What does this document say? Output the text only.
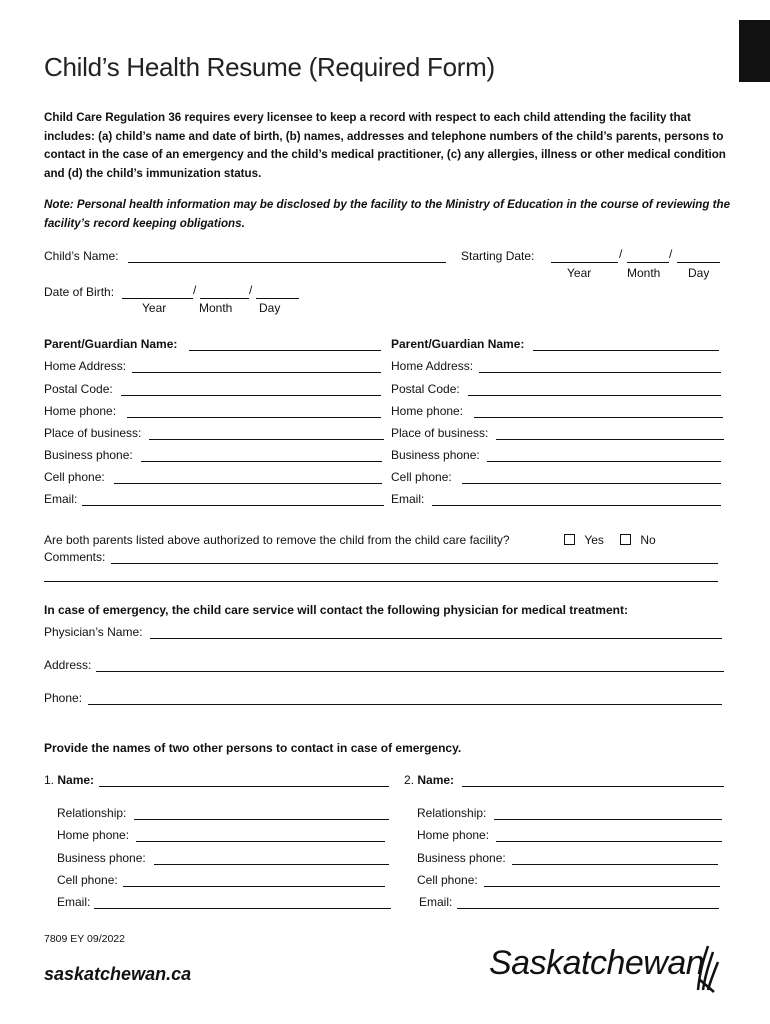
Child’s Health Resume (Required Form)
Child Care Regulation 36 requires every licensee to keep a record with respect to each child attending the facility that includes: (a) child’s name and date of birth, (b) names, addresses and telephone numbers of the child’s parents, persons to contact in the case of an emergency and the child’s medical practitioner, (c) any allergies, illness or other medical condition and (d) the child’s immunization status.
Note: Personal health information may be disclosed by the facility to the Ministry of Education in the course of reviewing the facility’s record keeping obligations.
Child’s Name:	Starting Date:	/	/
Year	Month Day
Date of Birth:	/	/
Year	Month Day
Parent/Guardian Name:	Parent/Guardian Name:
Home Address:	Home Address:
Postal Code:	Postal Code:
Home phone:	Home phone:
Place of business:	Place of business:
Business phone:	Business phone:
Cell phone:	Cell phone:
Email:	Email:
Are both parents listed above authorized to remove the child from the child care facility?	Yes	No
Comments:
In case of emergency, the child care service will contact the following physician for medical treatment:
Physician’s Name:
Address:
Phone:
Provide the names of two other persons to contact in case of emergency.
1. Name:	2. Name:
Relationship:	Relationship:
Home phone:	Home phone:
Business phone:	Business phone:
Cell phone:	Cell phone:
Email:	Email:
7809 EY 09/2022
saskatchewan.ca	Saskatchewan
